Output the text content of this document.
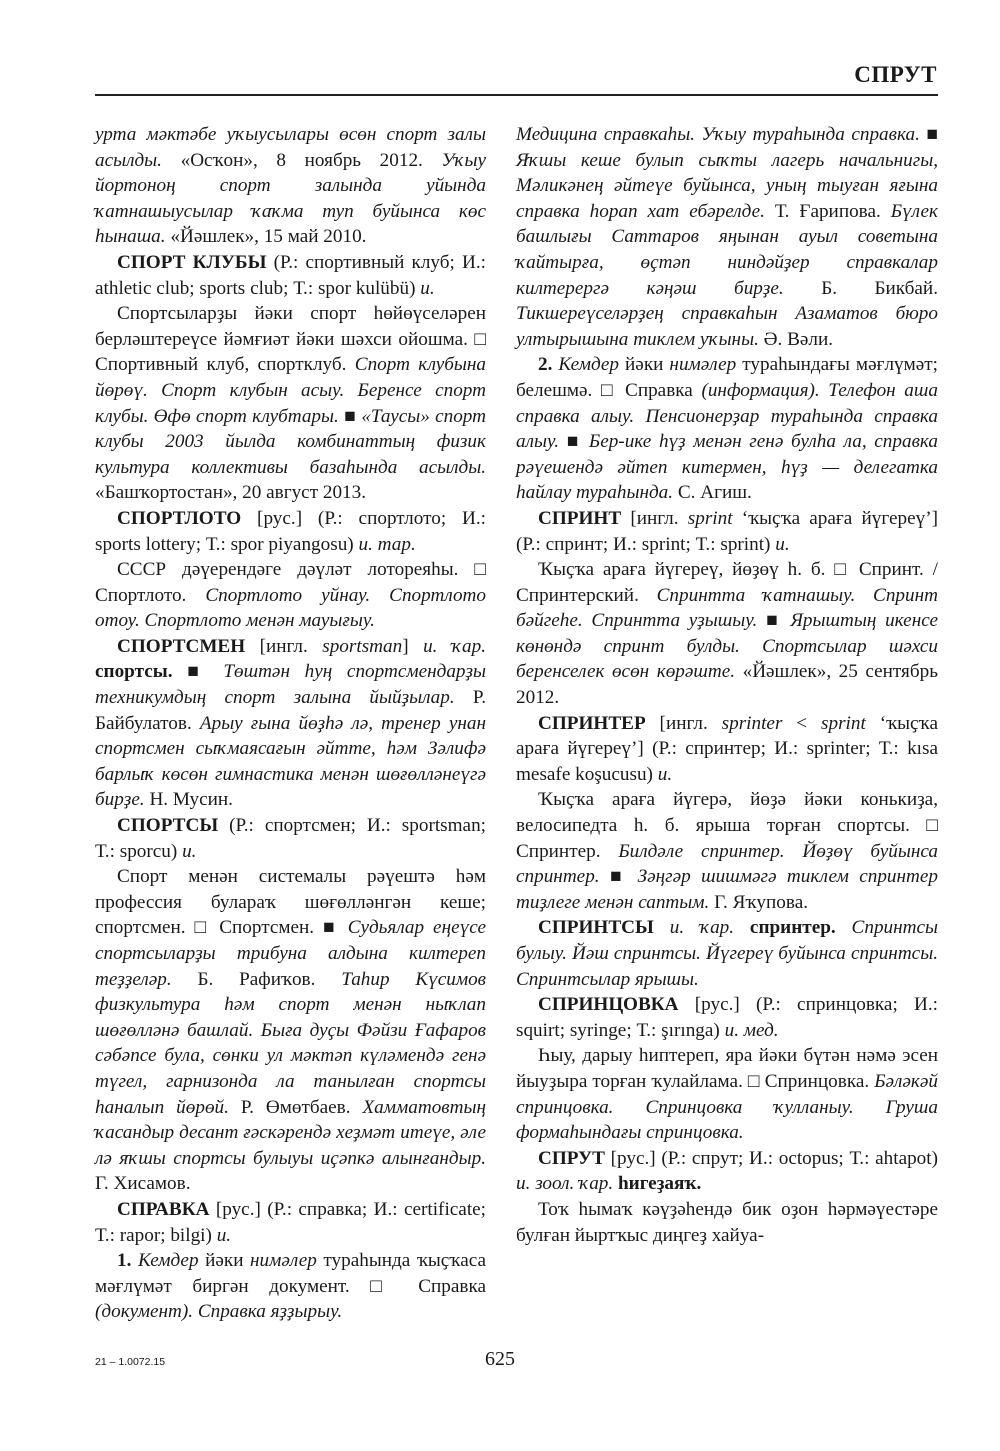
СПРУТ

урта мәктәбе уҡыусылары өсөн спорт залы асылды. «Осҡон», 8 ноябрь 2012. Уҡыу йортоноң спорт залында уйында ҡатнашыусылар ҡаҡма туп буйынса көс һынаша. «Йәшлек», 15 май 2010.

СПОРТ КЛУБЫ (Р.: спортивный клуб; И.: athletic club; sports club; Т.: spor kulübü) и.

Спортсыларҙы йәки спорт һөйөүселәрен берләштереүсе йәмғиәт йәки шәхси ойошма. □ Спортивный клуб, спортклуб. Спорт клубына йөрөү. Спорт клубын асыу. Беренсе спорт клубы. Өфө спорт клубтары. ■ «Таусы» спорт клубы 2003 йылда комбинаттың физик культура коллективы базаһында асылды. «Башҡортостан», 20 август 2013.

СПОРТЛОТО [рус.] (Р.: спортлото; И.: sports lottery; Т.: spor piyangosu) и. тар.

СССР дәүерендәге дәүләт лотореяһы. □ Спортлото. Спортлото уйнау. Спортлото отоу. Спортлото менән мауығыу.

СПОРТСМЕН [ингл. sportsman] и. ҡар. спортсы. ■ Төштән һуң спортсмендарҙы техникумдың спорт залына йыйҙылар. Р. Байбулатов. Арыу ғына йөҙһә лә, тренер унан спортсмен сыҡмаясағын әйтте, һәм Зәлифә барлыҡ көсөн гимнастика менән шөғөлләнеүгә бирҙе. Н. Мусин.

СПОРТСЫ (Р.: спортсмен; И.: sportsman; Т.: sporcu) и.

Спорт менән системалы рәүештә һәм профессия булараҡ шөғөлләнгән кеше; спортсмен. □ Спортсмен. ■ Судьялар еңеүсе спортсыларҙы трибуна алдына килтереп теҙҙеләр. Б. Рафиҡов. Таһир Күсимов физкультура һәм спорт менән ныҡлап шөғөлләнә башлай. Быға дуҫы Фәйзи Ғафаров сәбәпсе була, сөнки ул мәктәп күләмендә генә түгел, гарнизонда ла танылған спортсы һаналып йөрөй. Р. Өмөтбаев. Хамматовтың ҡасандыр десант ғәскәрендә хеҙмәт итеүе, әле лә яҡшы спортсы булыуы иҫәпкә алынғандыр. Г. Хисамов.

СПРАВКА [рус.] (Р.: справка; И.: certificate; Т.: rapor; bilgi) и.

1. Кемдер йәки нимәлер тураһында ҡыҫҡаса мәғлүмәт биргән документ. □ Справка (документ). Справка яҙҙырыу.

Медицина справкаһы. Уҡыу тураһында справка. ■ Яҡшы кеше булып сыҡты лагерь начальнигы, Мәликәнең әйтеүе буйынса, уның тыуған яғына справка һорап хат ебәрелде. Т. Ғарипова. Бүлек башлығы Саттаров яңынан ауыл советына ҡайтырға, өҫтәп ниндәйҙер справкалар килтерергә кәңәш бирҙе. Б. Бикбай. Тикшереүселәрҙең справкаһын Азаматов бюро ултырышына тиклем уҡыны. Ә. Вәли.

2. Кемдер йәки нимәлер тураһындағы мәғлүмәт; белешмә. □ Справка (информация). Телефон аша справка алыу. Пенсионерҙар тураһында справка алыу. ■ Бер-ике һүҙ менән генә булһа ла, справка рәүешендә әйтеп китермен, һүҙ — делегатка һайлау тураһында. С. Агиш.

СПРИНТ [ингл. sprint ‘ҡыҫҡа араға йүгереү’] (Р.: спринт; И.: sprint; Т.: sprint) и.

Ҡыҫҡа араға йүгереү, йөҙөү һ. б. □ Спринт. / Спринтерский. Спринтта ҡатнашыу. Спринт бәйгеһе. Спринтта уҙышыу. ■ Ярыштың икенсе көнөндә спринт булды. Спортсылар шәхси беренселек өсөн көрәште. «Йәшлек», 25 сентябрь 2012.

СПРИНТЕР [ингл. sprinter < sprint ‘ҡыҫҡа араға йүгереү’] (Р.: спринтер; И.: sprinter; Т.: kısa mesafe koşucusu) и.

Ҡыҫҡа араға йүгерә, йөҙә йәки конькиҙа, велосипедта һ. б. ярыша торған спортсы. □ Спринтер. Билдәле спринтер. Йөҙөү буйынса спринтер. ■ Зәңгәр шишмәгә тиклем спринтер тиҙлеге менән саптым. Г. Яҡупова.

СПРИНТСЫ и. ҡар. спринтер. Спринтсы булыу. Йәш спринтсы. Йүгереү буйынса спринтсы. Спринтсылар ярышы.

СПРИНЦОВКА [рус.] (Р.: спринцовка; И.: squirt; syringe; Т.: şırınga) и. мед.

Һыу, дарыу һиптереп, яра йәки бүтән нәмә эсен йыуҙыра торған ҡулайлама. □ Спринцовка. Бәләкәй спринцовка. Спринцовка ҡулланыу. Груша формаһындағы спринцовка.

СПРУТ [рус.] (Р.: спрут; И.: octopus; Т.: ahtapot) и. зоол. ҡар. һигеҙаяҡ.

Тоҡ һымаҡ кәүҙәһендә бик оҙон һәрмәүестәре булған йыртҡыс диңгеҙ хайуа-

21 – 1.0072.15	625
